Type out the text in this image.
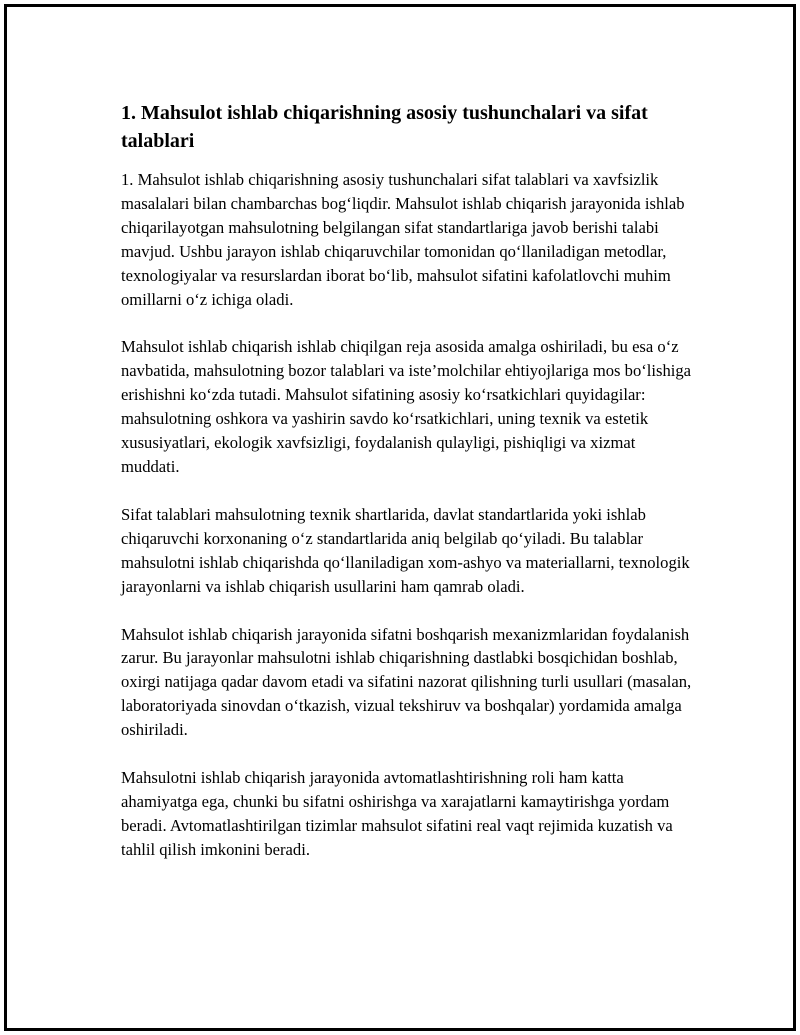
1. Mahsulot ishlab chiqarishning asosiy tushunchalari va sifat talablari

1. Mahsulot ishlab chiqarishning asosiy tushunchalari sifat talablari va xavfsizlik masalalari bilan chambarchas bog‘liqdir. Mahsulot ishlab chiqarish jarayonida ishlab chiqarilayotgan mahsulotning belgilangan sifat standartlariga javob berishi talabi mavjud. Ushbu jarayon ishlab chiqaruvchilar tomonidan qo‘llaniladigan metodlar, texnologiyalar va resurslardan iborat bo‘lib, mahsulot sifatini kafolatlovchi muhim omillarni o‘z ichiga oladi.

Mahsulot ishlab chiqarish ishlab chiqilgan reja asosida amalga oshiriladi, bu esa o‘z navbatida, mahsulotning bozor talablari va iste’molchilar ehtiyojlariga mos bo‘lishiga erishishni ko‘zda tutadi. Mahsulot sifatining asosiy ko‘rsatkichlari quyidagilar: mahsulotning oshkora va yashirin savdo ko‘rsatkichlari, uning texnik va estetik xususiyatlari, ekologik xavfsizligi, foydalanish qulayligi, pishiqligi va xizmat muddati.

Sifat talablari mahsulotning texnik shartlarida, davlat standartlarida yoki ishlab chiqaruvchi korxonaning o‘z standartlarida aniq belgilab qo‘yiladi. Bu talablar mahsulotni ishlab chiqarishda qo‘llaniladigan xom-ashyo va materiallarni, texnologik jarayonlarni va ishlab chiqarish usullarini ham qamrab oladi.

Mahsulot ishlab chiqarish jarayonida sifatni boshqarish mexanizmlaridan foydalanish zarur. Bu jarayonlar mahsulotni ishlab chiqarishning dastlabki bosqichidan boshlab, oxirgi natijaga qadar davom etadi va sifatini nazorat qilishning turli usullari (masalan, laboratoriyada sinovdan o‘tkazish, vizual tekshiruv va boshqalar) yordamida amalga oshiriladi.

Mahsulotni ishlab chiqarish jarayonida avtomatlashtirishning roli ham katta ahamiyatga ega, chunki bu sifatni oshirishga va xarajatlarni kamaytirishga yordam beradi. Avtomatlashtirilgan tizimlar mahsulot sifatini real vaqt rejimida kuzatish va tahlil qilish imkonini beradi.
